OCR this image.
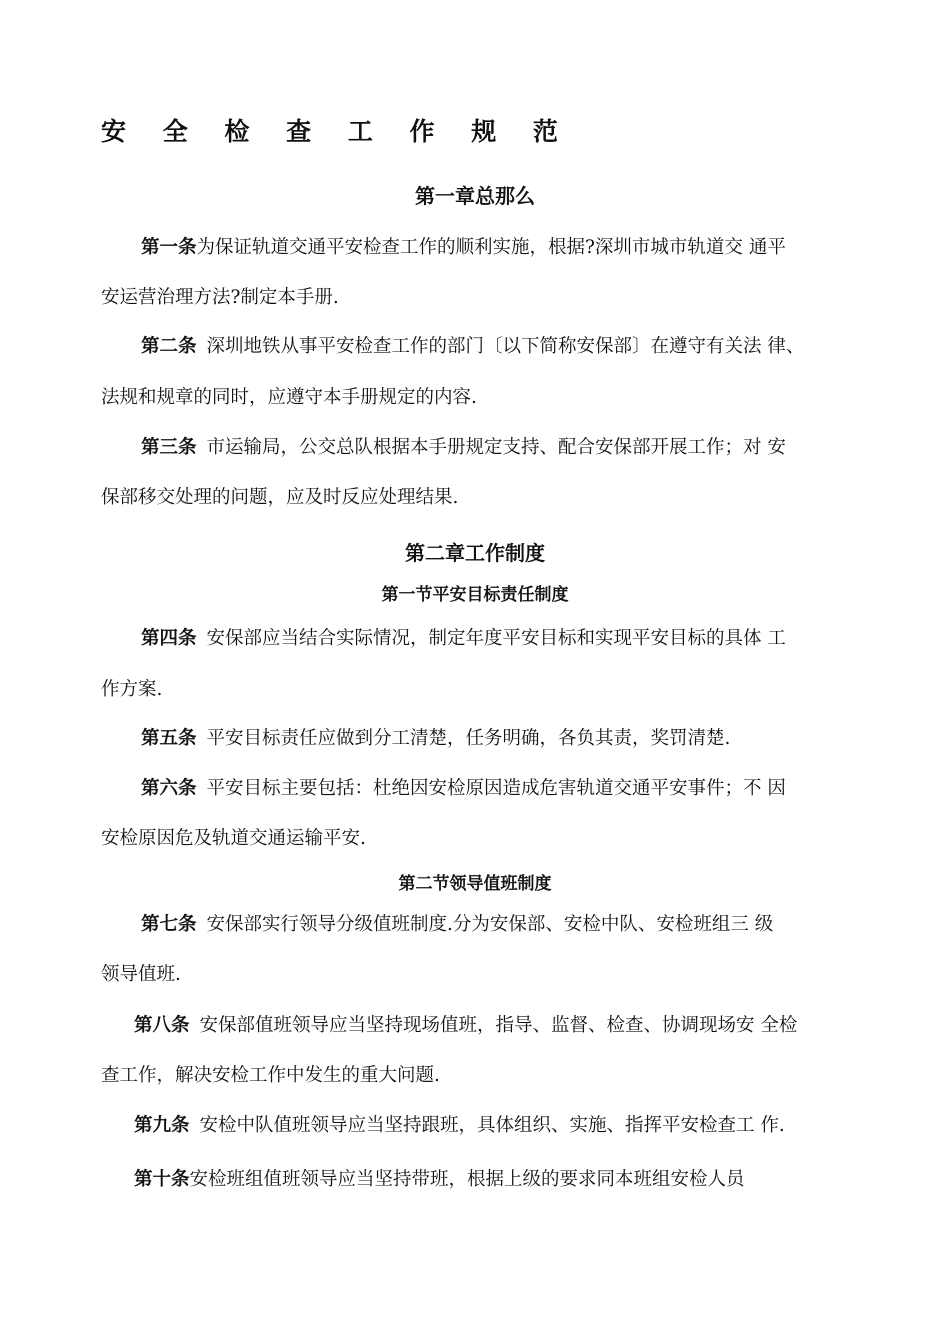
安 全 检 查 工 作 规 范
第一章总那么
第一条为保证轨道交通平安检查工作的顺利实施，根据?深圳市城市轨道交 通平
安运营治理方法?制定本手册.
第二条 深圳地铁从事平安检查工作的部门〔以下简称安保部〕在遵守有关法 律、
法规和规章的同时，应遵守本手册规定的内容.
第三条 市运输局，公交总队根据本手册规定支持、配合安保部开展工作；对 安
保部移交处理的问题，应及时反应处理结果.
第二章工作制度
第一节平安目标责任制度
第四条 安保部应当结合实际情况，制定年度平安目标和实现平安目标的具体 工
作方案.
第五条 平安目标责任应做到分工清楚，任务明确，各负其责，奖罚清楚.
第六条 平安目标主要包括：杜绝因安检原因造成危害轨道交通平安事件；不 因
安检原因危及轨道交通运输平安.
第二节领导值班制度
第七条 安保部实行领导分级值班制度.分为安保部、安检中队、安检班组三 级
领导值班.
第八条 安保部值班领导应当坚持现场值班，指导、监督、检查、协调现场安 全检
查工作，解决安检工作中发生的重大问题.
第九条 安检中队值班领导应当坚持跟班，具体组织、实施、指挥平安检查工 作.
第十条安检班组值班领导应当坚持带班，根据上级的要求同本班组安检人员
